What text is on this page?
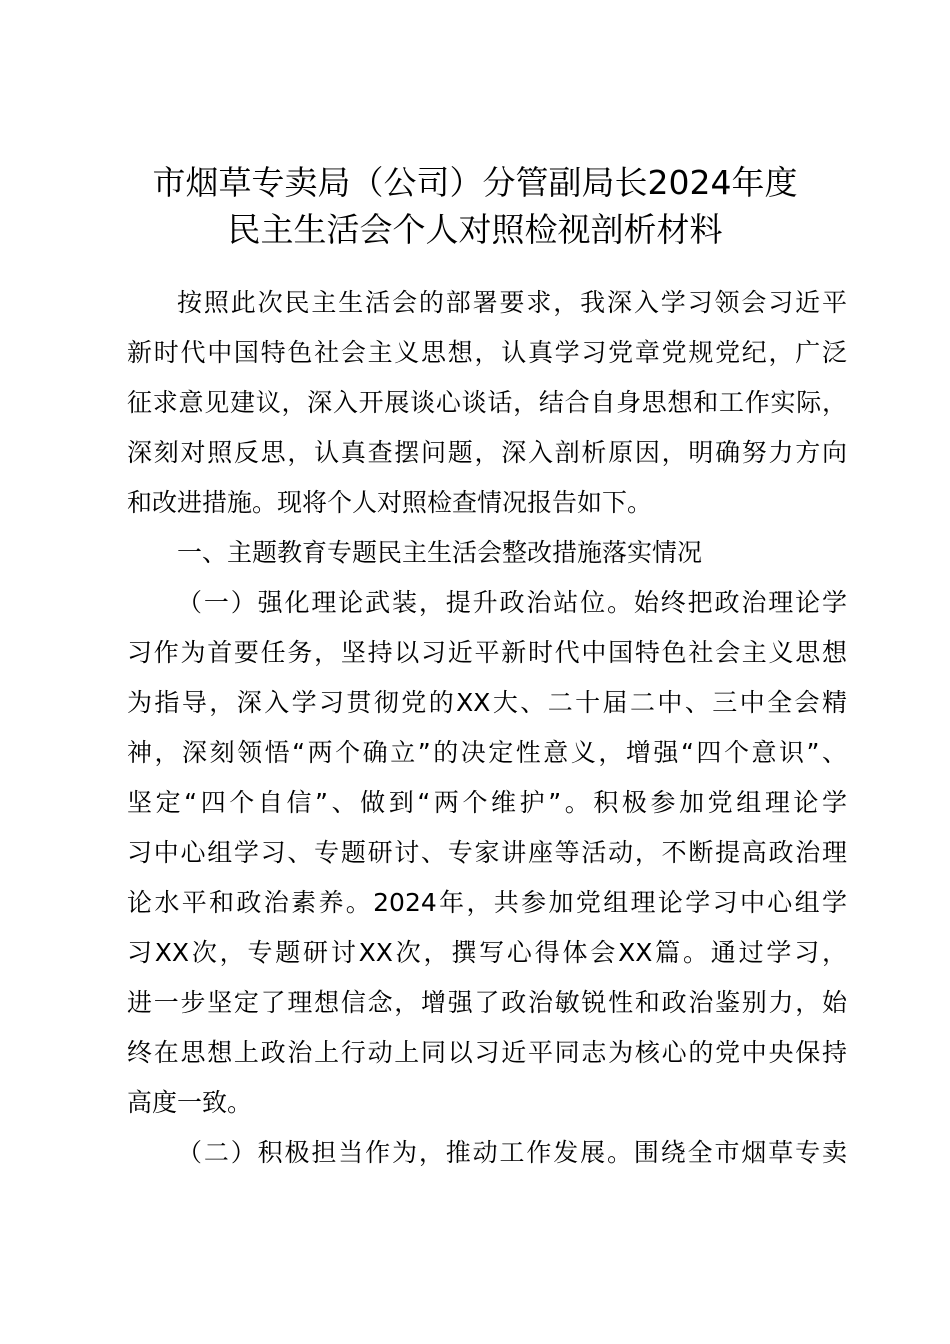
市烟草专卖局（公司）分管副局长2024年度
民主生活会个人对照检视剖析材料
按照此次民主生活会的部署要求，我深入学习领会习近平
新时代中国特色社会主义思想，认真学习党章党规党纪，广泛
征求意见建议，深入开展谈心谈话，结合自身思想和工作实际，
深刻对照反思，认真查摆问题，深入剖析原因，明确努力方向
和改进措施。现将个人对照检查情况报告如下。
一、主题教育专题民主生活会整改措施落实情况
（一）强化理论武装，提升政治站位。始终把政治理论学
习作为首要任务，坚持以习近平新时代中国特色社会主义思想
为指导，深入学习贯彻党的XX大、二十届二中、三中全会精
神，深刻领悟“两个确立”的决定性意义，增强“四个意识”、
坚定“四个自信”、做到“两个维护”。积极参加党组理论学
习中心组学习、专题研讨、专家讲座等活动，不断提高政治理
论水平和政治素养。2024年，共参加党组理论学习中心组学
习XX次，专题研讨XX次，撰写心得体会XX篇。通过学习，
进一步坚定了理想信念，增强了政治敏锐性和政治鉴别力，始
终在思想上政治上行动上同以习近平同志为核心的党中央保持
高度一致。
（二）积极担当作为，推动工作发展。围绕全市烟草专卖
